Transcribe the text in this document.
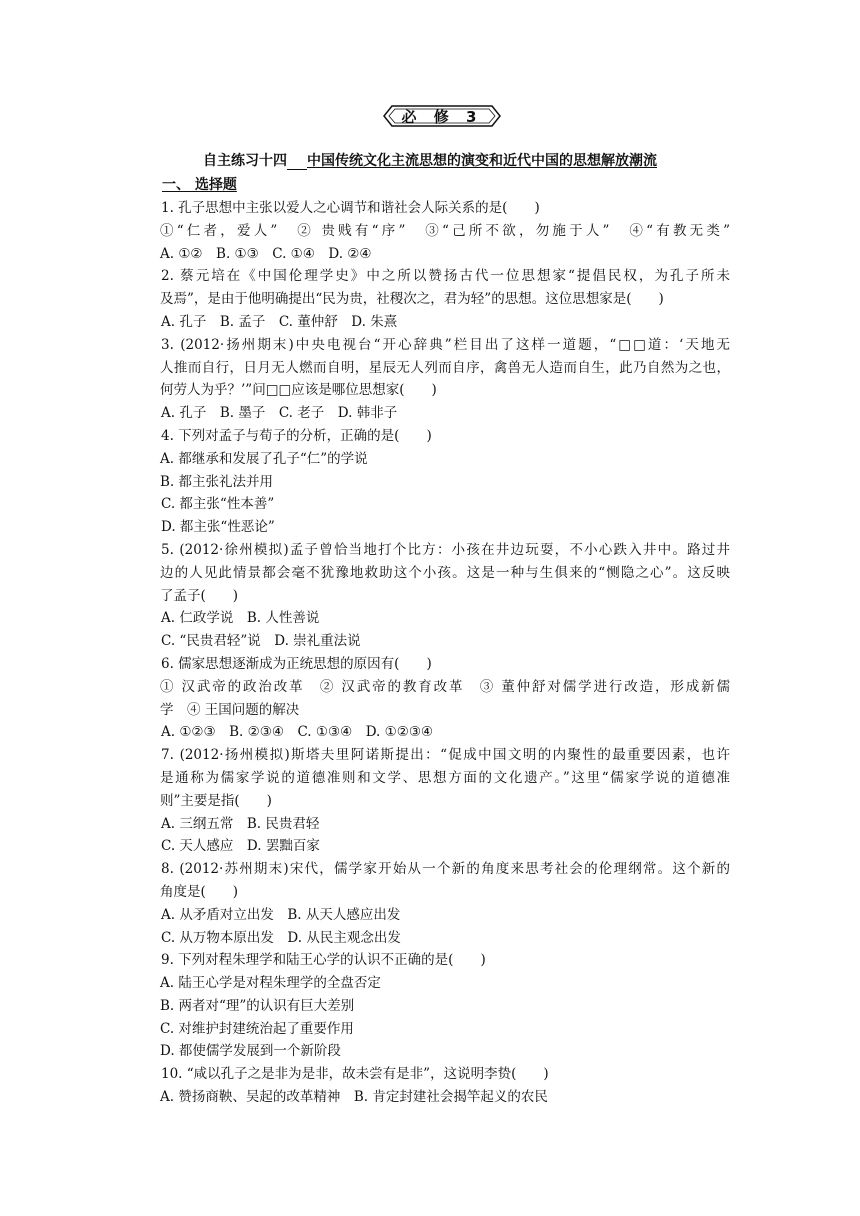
必 修 3
自主练习十四 中国传统文化主流思想的演变和近代中国的思想解放潮流
一、 选择题
1. 孔子思想中主张以爱人之心调节和谐社会人际关系的是(　　)
①“仁者，爱人”　② 贵贱有“序”　③“己所不欲，勿施于人”　④“有教无类”
A. ①②　B. ①③　C. ①④　D. ②④
2. 蔡元培在《中国伦理学史》中之所以赞扬古代一位思想家“提倡民权，为孔子所未
及焉”，是由于他明确提出“民为贵，社稷次之，君为轻”的思想。这位思想家是(　　)
A. 孔子　B. 孟子　C. 董仲舒　D. 朱熹
3. (2012·扬州期末)中央电视台“开心辞典”栏目出了这样一道题，“□□道：‘天地无
人推而自行，日月无人燃而自明，星辰无人列而自序，禽兽无人造而自生，此乃自然为之也，
何劳人为乎？’”问□□应该是哪位思想家(　　)
A. 孔子　B. 墨子　C. 老子　D. 韩非子
4. 下列对孟子与荀子的分析，正确的是(　　)
A. 都继承和发展了孔子“仁”的学说
B. 都主张礼法并用
C. 都主张“性本善”
D. 都主张“性恶论”
5. (2012·徐州模拟)孟子曾恰当地打个比方：小孩在井边玩耍，不小心跌入井中。路过井
边的人见此情景都会毫不犹豫地救助这个小孩。这是一种与生俱来的“恻隐之心”。这反映
了孟子(　　)
A. 仁政学说　B. 人性善说
C. “民贵君轻”说　D. 崇礼重法说
6. 儒家思想逐渐成为正统思想的原因有(　　)
① 汉武帝的政治改革　② 汉武帝的教育改革　③ 董仲舒对儒学进行改造，形成新儒
学　④ 王国问题的解决
A. ①②③　B. ②③④　C. ①③④　D. ①②③④
7. (2012·扬州模拟)斯塔夫里阿诺斯提出：“促成中国文明的内聚性的最重要因素，也许
是通称为儒家学说的道德准则和文学、思想方面的文化遗产。”这里“儒家学说的道德准
则”主要是指(　　)
A. 三纲五常　B. 民贵君轻
C. 天人感应　D. 罢黜百家
8. (2012·苏州期末)宋代，儒学家开始从一个新的角度来思考社会的伦理纲常。这个新的
角度是(　　)
A. 从矛盾对立出发　B. 从天人感应出发
C. 从万物本原出发　D. 从民主观念出发
9. 下列对程朱理学和陆王心学的认识不正确的是(　　)
A. 陆王心学是对程朱理学的全盘否定
B. 两者对“理”的认识有巨大差别
C. 对维护封建统治起了重要作用
D. 都使儒学发展到一个新阶段
10. “咸以孔子之是非为是非，故未尝有是非”，这说明李贽(　　)
A. 赞扬商鞅、吴起的改革精神　B. 肯定封建社会揭竿起义的农民
